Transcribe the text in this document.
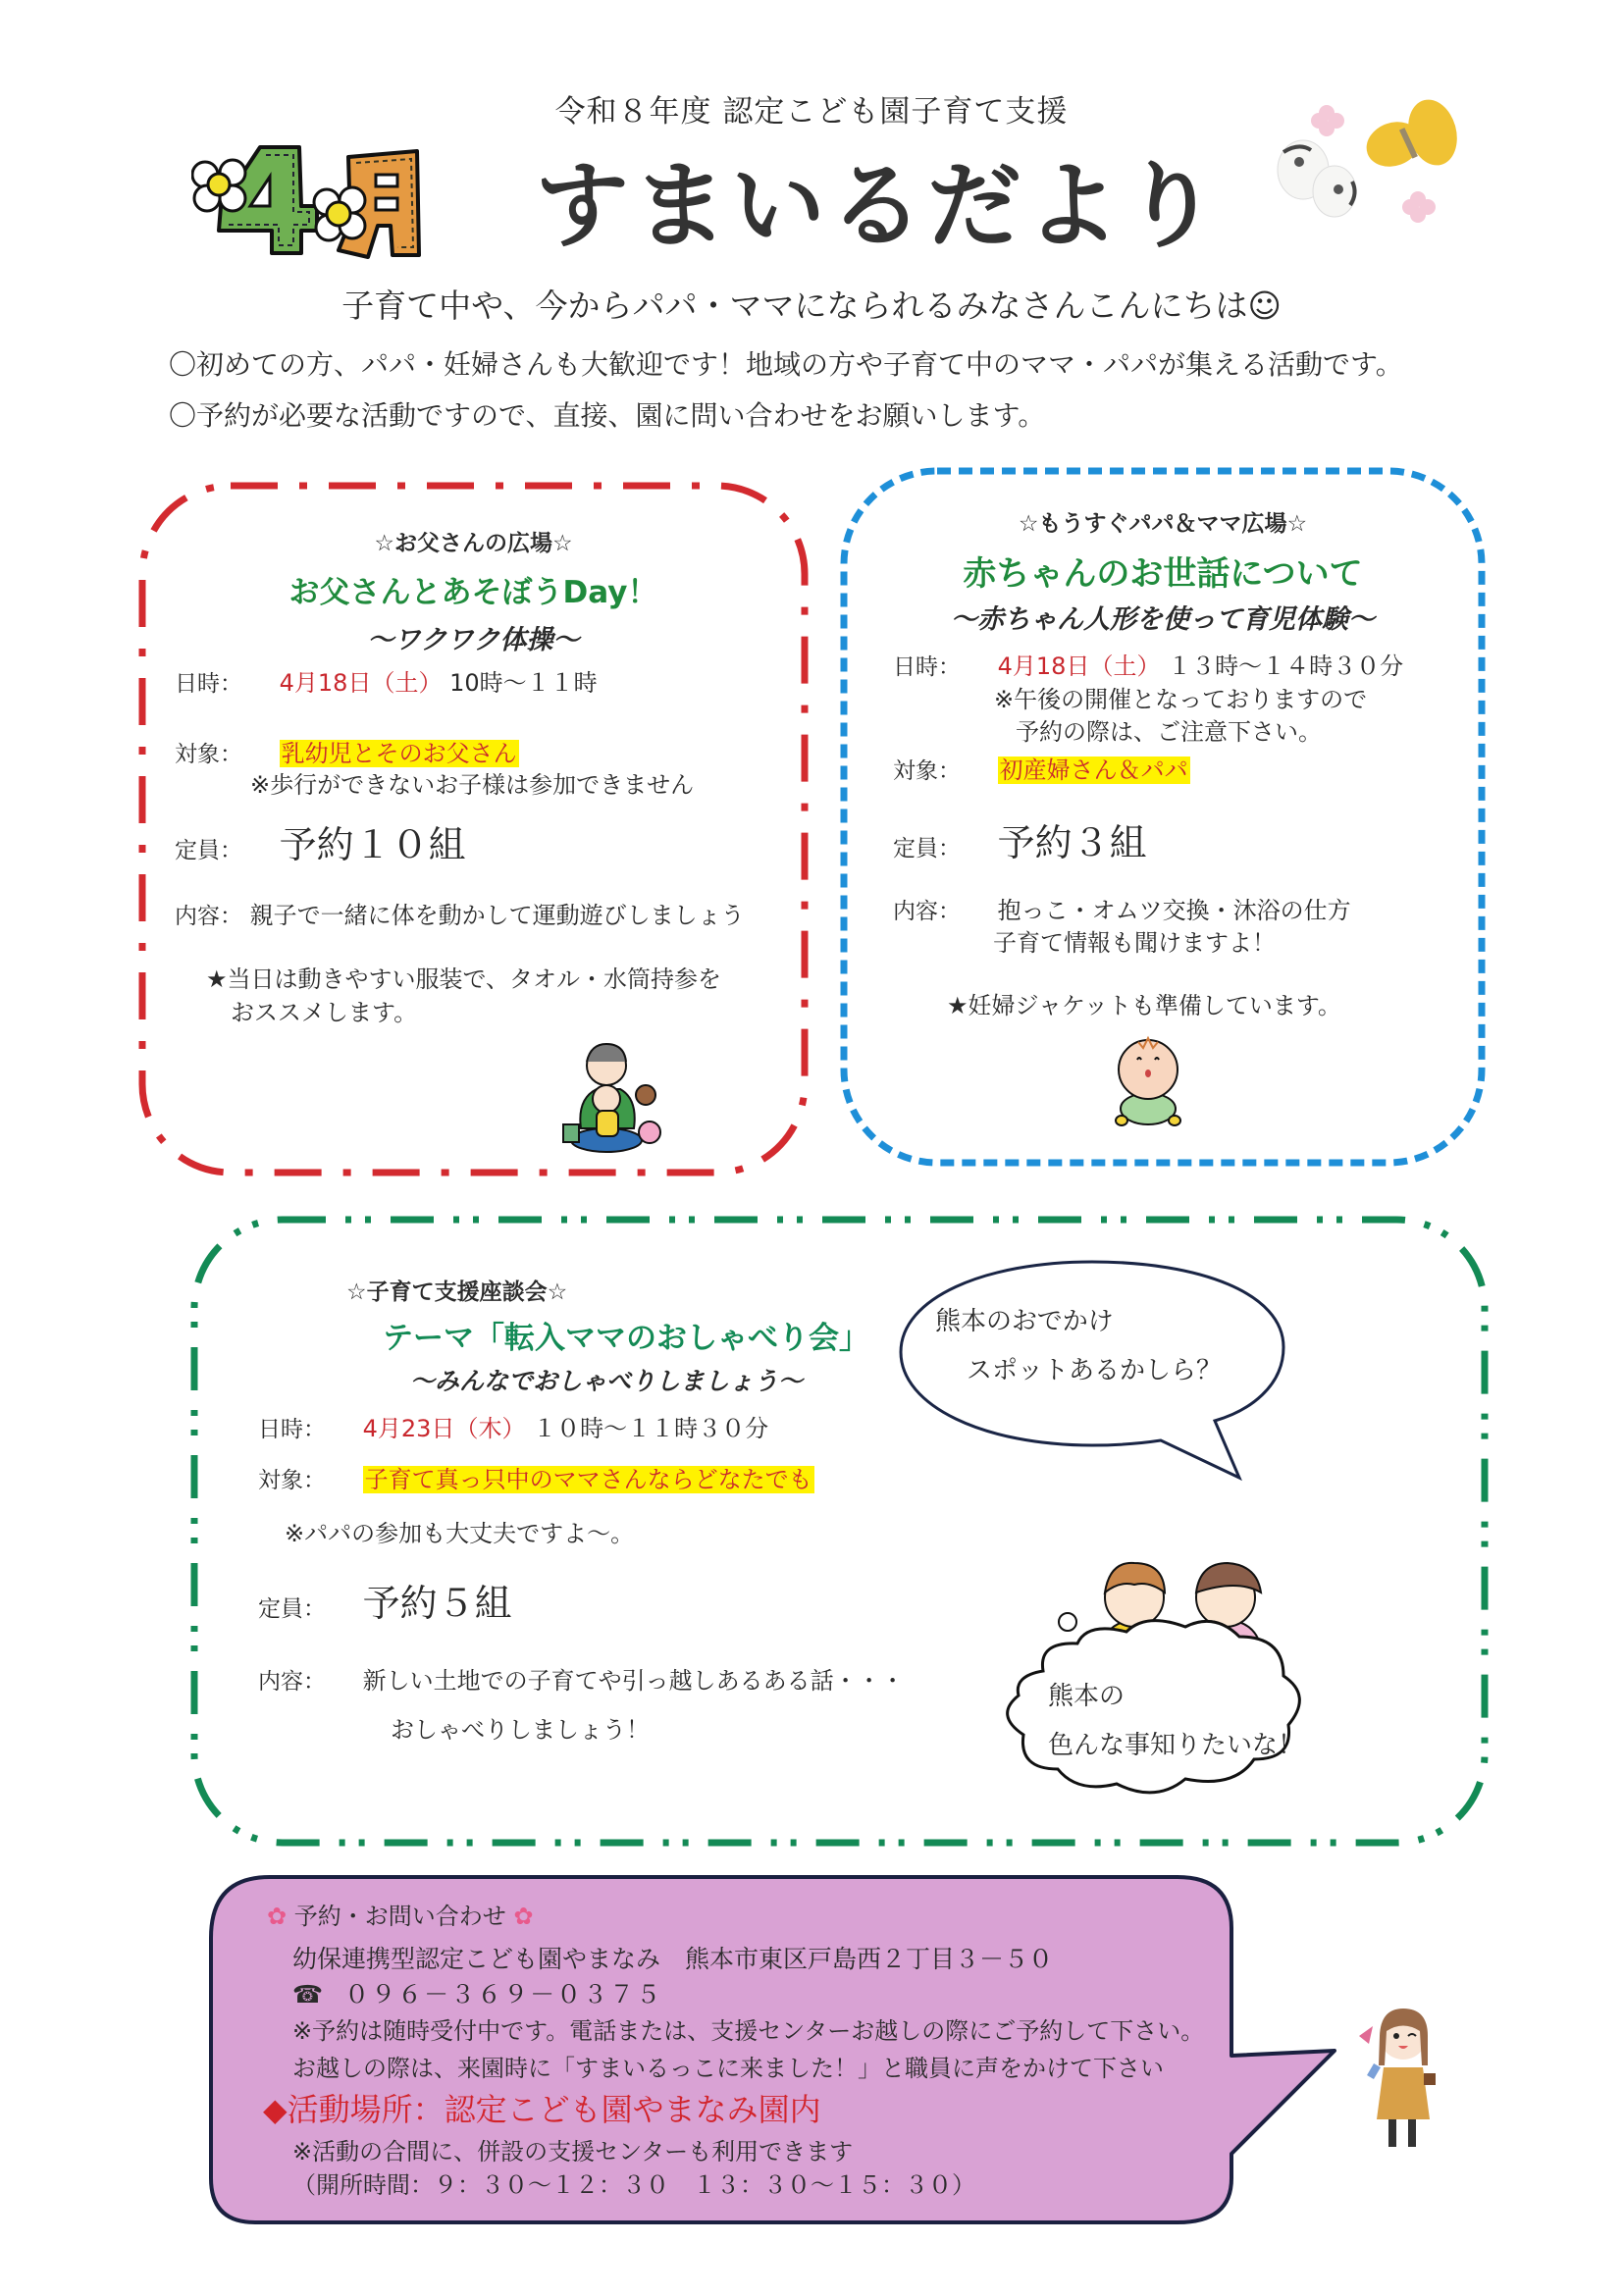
令和８年度 認定こども園子育て支援
すまいるだより
子育て中や、今からパパ・ママになられるみなさんこんにちは☺
〇初めての方、パパ・妊婦さんも大歓迎です！地域の方や子育て中のママ・パパが集える活動です。
〇予約が必要な活動ですので、直接、園に問い合わせをお願いします。
☆お父さんの広場☆
お父さんとあそぼうDay！
～ワクワク体操～
日時： 4月18日（土） 10時～１１時
対象： 乳幼児とそのお父さん
※歩行ができないお子様は参加できません
定員： 予約１０組
内容： 親子で一緒に体を動かして運動遊びしましょう
★当日は動きやすい服装で、タオル・水筒持参を
おススメします。
☆もうすぐパパ＆ママ広場☆
赤ちゃんのお世話について
～赤ちゃん人形を使って育児体験～
日時： 4月18日（土） １３時～１４時３０分
※午後の開催となっておりますので
予約の際は、ご注意下さい。
対象： 初産婦さん＆パパ
定員： 予約３組
内容： 抱っこ・オムツ交換・沐浴の仕方
子育て情報も聞けますよ！
★妊婦ジャケットも準備しています。
☆子育て支援座談会☆
テーマ「転入ママのおしゃべり会」
～みんなでおしゃべりしましょう～
日時： 4月23日（木） １０時～１１時３０分
対象： 子育て真っ只中のママさんならどなたでも
※パパの参加も大丈夫ですよ～。
定員： 予約５組
内容： 新しい土地での子育てや引っ越しあるある話・・・
おしゃべりしましょう！
熊本のおでかけ
スポットあるかしら？
熊本の
色んな事知りたいな！
✿ 予約・お問い合わせ ✿
幼保連携型認定こども園やまなみ　熊本市東区戸島西２丁目３－５０
☎ ０９６－３６９－０３７５
※予約は随時受付中です。電話または、支援センターお越しの際にご予約して下さい。
お越しの際は、来園時に「すまいるっこに来ました！」と職員に声をかけて下さい
◆活動場所：認定こども園やまなみ園内
※活動の合間に、併設の支援センターも利用できます
（開所時間：９：３０～１２：３０　１３：３０～１５：３０）
